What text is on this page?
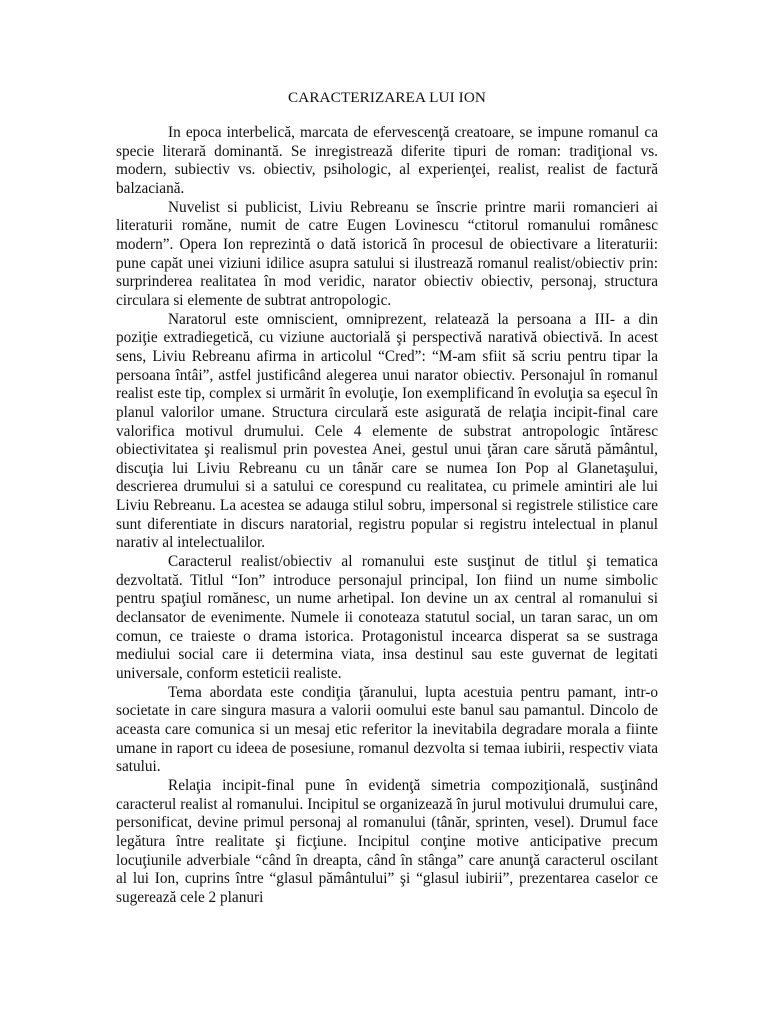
CARACTERIZAREA LUI ION

In epoca interbelică, marcata de efervescenţă creatoare, se impune romanul ca specie literară dominantă. Se inregistrează diferite tipuri de roman: tradiţional vs. modern, subiectiv vs. obiectiv, psihologic, al experienţei, realist, realist de factură balzaciană.

Nuvelist si publicist, Liviu Rebreanu se înscrie printre marii romancieri ai literaturii romăne, numit de catre Eugen Lovinescu “ctitorul romanului românesc modern”. Opera Ion reprezintă o dată istorică în procesul de obiectivare a literaturii: pune capăt unei viziuni idilice asupra satului si ilustrează romanul realist/obiectiv prin: surprinderea realitatea în mod veridic, narator obiectiv obiectiv, personaj, structura circulara si elemente de subtrat antropologic.

Naratorul este omniscient, omniprezent, relatează la persoana a III- a din poziţie extradiegetică, cu viziune auctorială şi perspectivă narativă obiectivă. In acest sens, Liviu Rebreanu afirma in articolul “Cred”: “M-am sfiit să scriu pentru tipar la persoana întâi”, astfel justificând alegerea unui narator obiectiv. Personajul în romanul realist este tip, complex si urmărit în evoluţie, Ion exemplificand în evoluţia sa eşecul în planul valorilor umane. Structura circulară este asigurată de relaţia incipit-final care valorifica motivul drumului. Cele 4 elemente de substrat antropologic întăresc obiectivitatea şi realismul prin povestea Anei, gestul unui ţăran care sărută pământul, discuţia lui Liviu Rebreanu cu un tânăr care se numea Ion Pop al Glanetaşului, descrierea drumului si a satului ce corespund cu realitatea, cu primele amintiri ale lui Liviu Rebreanu. La acestea se adauga stilul sobru, impersonal si registrele stilistice care sunt diferentiate in discurs naratorial, registru popular si registru intelectual in planul narativ al intelectualilor.

Caracterul realist/obiectiv al romanului este susţinut de titlul şi tematica dezvoltată. Titlul “Ion” introduce personajul principal, Ion fiind un nume simbolic pentru spaţiul romănesc, un nume arhetipal. Ion devine un ax central al romanului si declansator de evenimente. Numele ii conoteaza statutul social, un taran sarac, un om comun, ce traieste o drama istorica. Protagonistul incearca disperat sa se sustraga mediului social care ii determina viata, insa destinul sau este guvernat de legitati universale, conform esteticii realiste.

Tema abordata este condiţia ţăranului, lupta acestuia pentru pamant, intr-o societate in care singura masura a valorii oomului este banul sau pamantul. Dincolo de aceasta care comunica si un mesaj etic referitor la inevitabila degradare morala a fiinte umane in raport cu ideea de posesiune, romanul dezvolta si temaa iubirii, respectiv viata satului.

Relaţia incipit-final pune în evidenţă simetria compoziţională, susţinând caracterul realist al romanului. Incipitul se organizează în jurul motivului drumului care, personificat, devine primul personaj al romanului (tânăr, sprinten, vesel). Drumul face legătura între realitate şi ficţiune. Incipitul conţine motive anticipative precum locuţiunile adverbiale “când în dreapta, când în stânga” care anunţă caracterul oscilant al lui Ion, cuprins între “glasul pământului” şi “glasul iubirii”, prezentarea caselor ce sugerează cele 2 planuri
